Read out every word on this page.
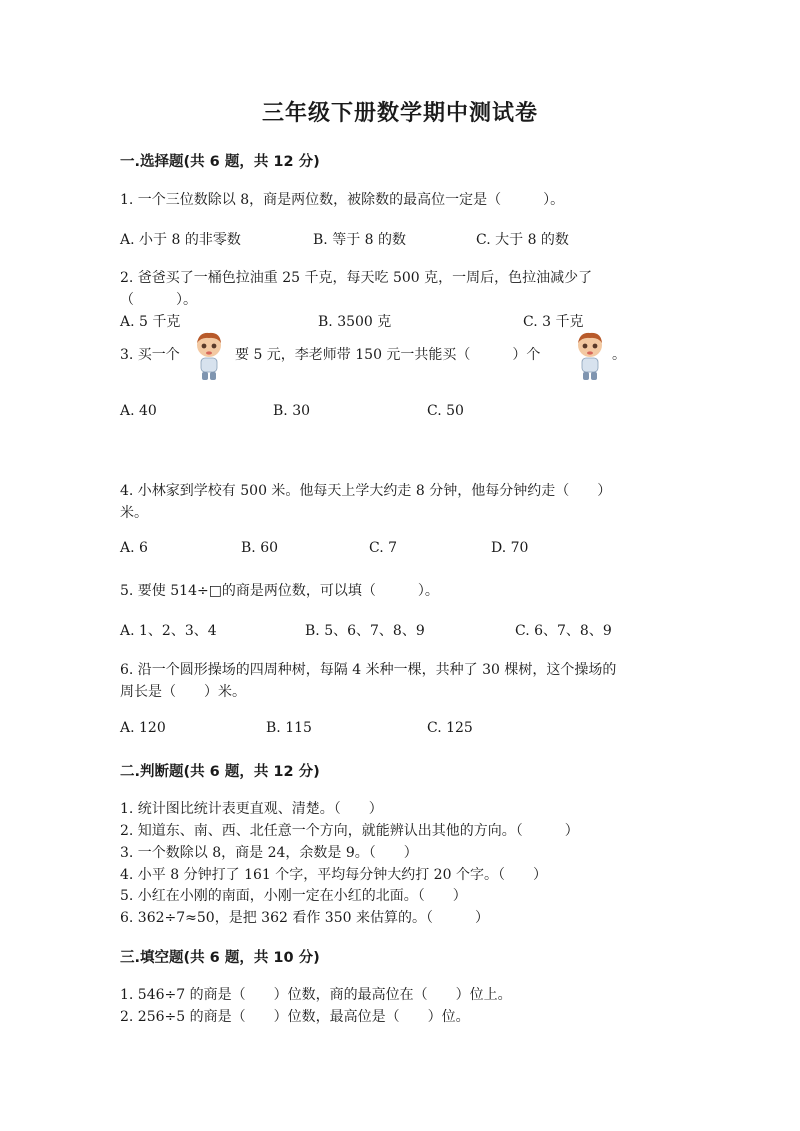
三年级下册数学期中测试卷
一.选择题(共 6 题，共 12 分)
1. 一个三位数除以 8，商是两位数，被除数的最高位一定是（　　　）。
A. 小于 8 的非零数	B. 等于 8 的数	C. 大于 8 的数
2. 爸爸买了一桶色拉油重 25 千克，每天吃 500 克，一周后，色拉油减少了
（　　　）。
A. 5 千克	B. 3500 克	C. 3 千克
3. 买一个	要 5 元，李老师带 150 元一共能买（　　　）个	。
A. 40	B. 30	C. 50
4. 小林家到学校有 500 米。他每天上学大约走 8 分钟，他每分钟约走（　　）
米。
A. 6	B. 60	C. 7	D. 70
5. 要使 514÷□的商是两位数，可以填（　　　）。
A. 1、2、3、4	B. 5、6、7、8、9	C. 6、7、8、9
6. 沿一个圆形操场的四周种树，每隔 4 米种一棵，共种了 30 棵树，这个操场的
周长是（　　）米。
A. 120	B. 115	C. 125
二.判断题(共 6 题，共 12 分)
1. 统计图比统计表更直观、清楚。（　　）
2. 知道东、南、西、北任意一个方向，就能辨认出其他的方向。（　　　）
3. 一个数除以 8，商是 24，余数是 9。（　　）
4. 小平 8 分钟打了 161 个字，平均每分钟大约打 20 个字。（　　）
5. 小红在小刚的南面，小刚一定在小红的北面。（　　）
6. 362÷7≈50，是把 362 看作 350 来估算的。（　　　）
三.填空题(共 6 题，共 10 分)
1. 546÷7 的商是（　　）位数，商的最高位在（　　）位上。
2. 256÷5 的商是（　　）位数，最高位是（　　）位。
